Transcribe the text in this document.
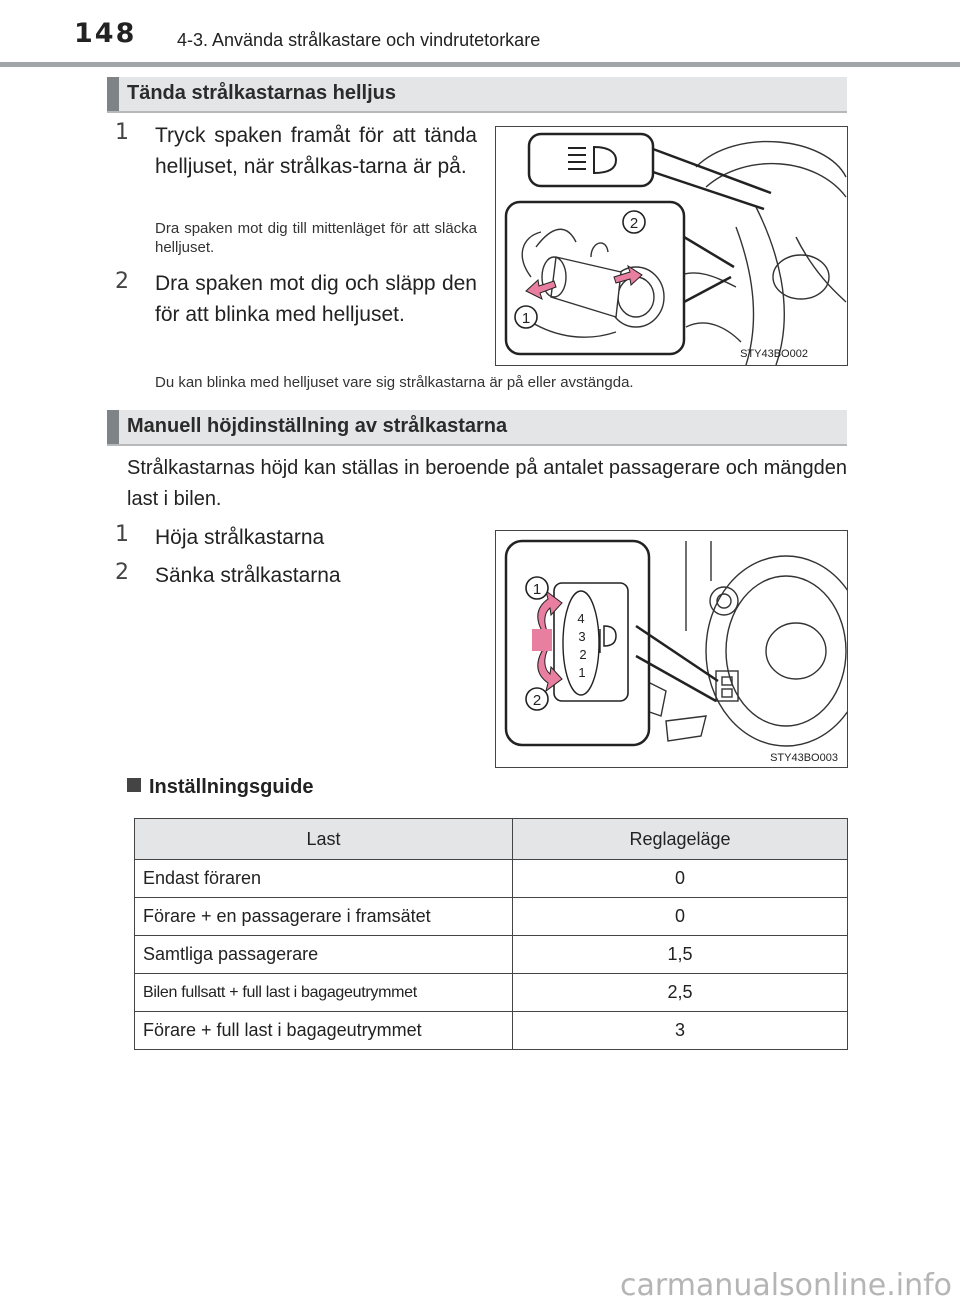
148 4-3. Använda strålkastare och vindrutetorkare
Tända strålkastarnas helljus
1 Tryck spaken framåt för att tända helljuset, när strålkas-tarna är på.
Dra spaken mot dig till mittenläget för att släcka helljuset.
2 Dra spaken mot dig och släpp den för att blinka med helljuset.
2
1
STY43BO002
Du kan blinka med helljuset vare sig strålkastarna är på eller avstängda.
Manuell höjdinställning av strålkastarna
Strålkastarnas höjd kan ställas in beroende på antalet passagerare och mängden last i bilen.
1 Höja strålkastarna
2 Sänka strålkastarna
4
3
2
1
1
2
STY43BO003
Inställningsguide
Last	Reglageläge
Endast föraren	0
Förare + en passagerare i framsätet	0
Samtliga passagerare	1,5
Bilen fullsatt + full last i bagageutrymmet	2,5
Förare + full last i bagageutrymmet	3
carmanualsonline.info
